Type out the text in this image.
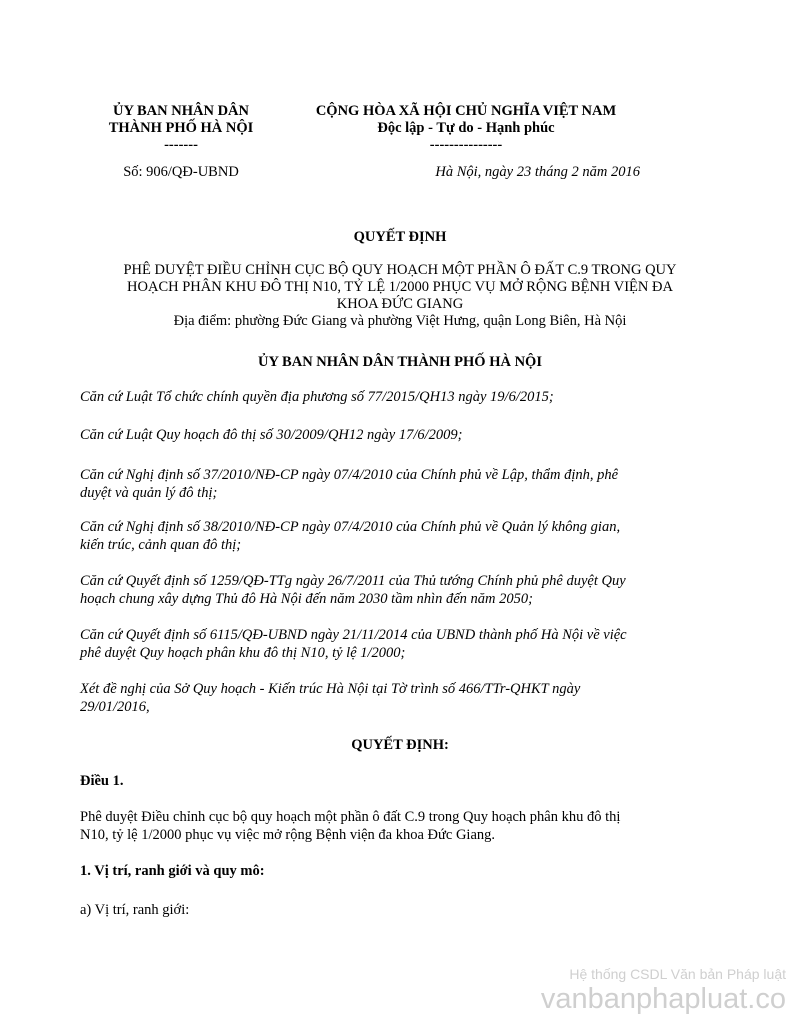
ỦY BAN NHÂN DÂN
THÀNH PHỐ HÀ NỘI
-------
CỘNG HÒA XÃ HỘI CHỦ NGHĨA VIỆT NAM
Độc lập - Tự do - Hạnh phúc
---------------
Số: 906/QĐ-UBND	Hà Nội, ngày 23 tháng 2 năm 2016
QUYẾT ĐỊNH
PHÊ DUYỆT ĐIỀU CHỈNH CỤC BỘ QUY HOẠCH MỘT PHẦN Ô ĐẤT C.9 TRONG QUY
HOẠCH PHÂN KHU ĐÔ THỊ N10, TỶ LỆ 1/2000 PHỤC VỤ MỞ RỘNG BỆNH VIỆN ĐA
KHOA ĐỨC GIANG
Địa điểm: phường Đức Giang và phường Việt Hưng, quận Long Biên, Hà Nội
ỦY BAN NHÂN DÂN THÀNH PHỐ HÀ NỘI
Căn cứ Luật Tổ chức chính quyền địa phương số 77/2015/QH13 ngày 19/6/2015;
Căn cứ Luật Quy hoạch đô thị số 30/2009/QH12 ngày 17/6/2009;
Căn cứ Nghị định số 37/2010/NĐ-CP ngày 07/4/2010 của Chính phủ về Lập, thẩm định, phê
duyệt và quản lý đô thị;
Căn cứ Nghị định số 38/2010/NĐ-CP ngày 07/4/2010 của Chính phủ về Quản lý không gian,
kiến trúc, cảnh quan đô thị;
Căn cứ Quyết định số 1259/QĐ-TTg ngày 26/7/2011 của Thủ tướng Chính phủ phê duyệt Quy
hoạch chung xây dựng Thủ đô Hà Nội đến năm 2030 tầm nhìn đến năm 2050;
Căn cứ Quyết định số 6115/QĐ-UBND ngày 21/11/2014 của UBND thành phố Hà Nội về việc
phê duyệt Quy hoạch phân khu đô thị N10, tỷ lệ 1/2000;
Xét đề nghị của Sở Quy hoạch - Kiến trúc Hà Nội tại Tờ trình số 466/TTr-QHKT ngày
29/01/2016,
QUYẾT ĐỊNH:
Điều 1.
Phê duyệt Điều chỉnh cục bộ quy hoạch một phần ô đất C.9 trong Quy hoạch phân khu đô thị
N10, tỷ lệ 1/2000 phục vụ việc mở rộng Bệnh viện đa khoa Đức Giang.
1. Vị trí, ranh giới và quy mô:
a) Vị trí, ranh giới:
Hệ thống CSDL Văn bản Pháp luật
vanbanphapluat.co
